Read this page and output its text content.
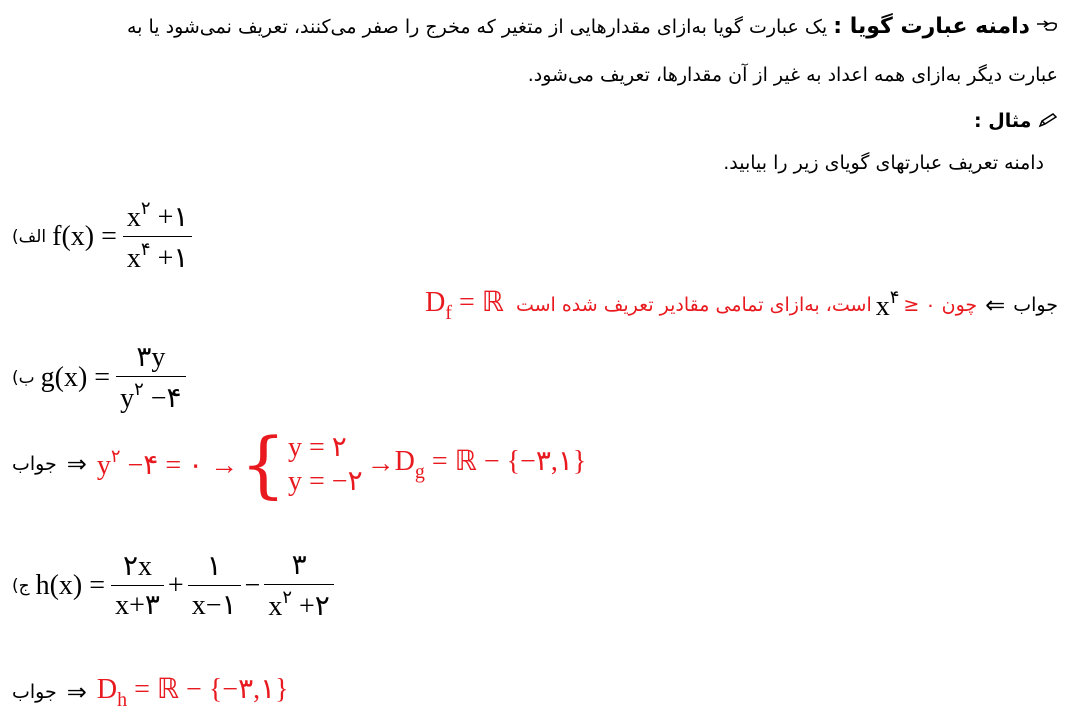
دامنه عبارت گویا : یک عبارت گویا به‌ازای مقدارهایی از متغیر که مخرج را صفر می‌کنند، تعریف نمی‌شود یا به
عبارت دیگر به‌ازای همه اعداد به غیر از آن مقدارها، تعریف می‌شود.
مثال :
دامنه تعریف عبارتهای گویای زیر را بیابید.
الف) $f(x) = \frac{x^۲ +۱}{x^۴ +۱}$
جواب
⇐
چون ۰ ≤
$x^۴$
است، به‌ازای تمامی مقادیر تعریف شده است
$D_f$ = ℝ
ب) $g(x) = \frac{۳y}{y^۲ -۴}$
جواب ⇒ $y^۲$ −۴ = ۰ → { y = ۲
y = −۲
→ $D_g$ = ℝ − {−۳,۱}
ج) $h(x) = \frac{۲x}{x+۳} + \frac{۱}{x-۱} - \frac{۳}{x^۲ +۲}$
جواب ⇒ $D_h$ = ℝ − {−۳,۱}
